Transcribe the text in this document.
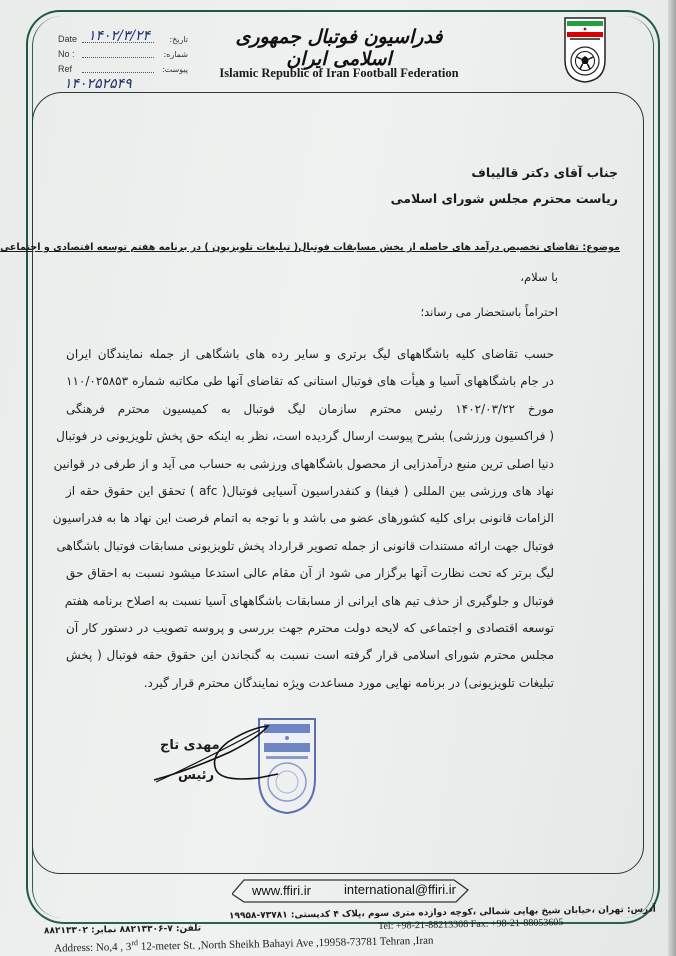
Date	تاریخ:
No :	شماره:
Ref	پیوست:
۱۴۰۲/۳/۲۴
۱۴۰۲۵۲۵۴۹
فدراسیون فوتبال جمهوری اسلامی ایران
Islamic Republic of Iran Football Federation
جناب آقای دکتر قالیباف
ریاست محترم مجلس شورای اسلامی
موضوع: تقاضای تخصیص درآمد های حاصله از پخش مسابقات فوتبال( تبلیغات تلویزیون ) در برنامه هفتم توسعه اقتصادی و اجتماعی
با سلام،
احتراماً باستحضار می رساند؛
حسب تقاضای کلیه باشگاههای لیگ برتری و سایر رده های باشگاهی از جمله نمایندگان ایران
در جام باشگاههای آسیا و هیأت های فوتبال استانی که تقاضای آنها طی مکاتبه شماره ۱۱۰/۰۲۵۸۵۳
مورخ ۱۴۰۲/۰۳/۲۲ رئیس محترم سازمان لیگ فوتبال به کمیسیون محترم فرهنگی
( فراکسیون ورزشی) بشرح پیوست ارسال گردیده است، نظر به اینکه حق پخش تلویزیونی در فوتبال
دنیا اصلی ترین منبع درآمدزایی از محصول باشگاههای ورزشی به حساب می آید و از طرفی در قوانین
نهاد های ورزشی بین المللی ( فیفا) و کنفدراسیون آسیایی فوتبال( afc ) تحقق این حقوق حقه از
الزامات قانونی برای کلیه کشورهای عضو می باشد و با توجه به اتمام فرصت این نهاد ها به فدراسیون
فوتبال جهت ارائه مستندات قانونی از جمله تصویر قرارداد پخش تلویزیونی مسابقات فوتبال باشگاهی
لیگ برتر که تحت نظارت آنها برگزار می شود از آن مقام عالی استدعا میشود نسبت به احقاق حق
فوتبال و جلوگیری از حذف تیم های ایرانی از مسابقات باشگاههای آسیا نسبت به اصلاح برنامه هفتم
توسعه اقتصادی و اجتماعی که لایحه دولت محترم جهت بررسی و پروسه تصویب در دستور کار آن
مجلس محترم شورای اسلامی قرار گرفته است نسبت به گنجاندن این حقوق حقه فوتبال ( پخش
تبلیغات تلویزیونی) در برنامه نهایی مورد مساعدت ویژه نمایندگان محترم قرار گیرد.
مهدی تاج
رئیس
www.ffiri.ir	international@ffiri.ir
آدرس: تهران ،خیابان شیخ بهایی شمالی ،کوچه دوازده متری سوم ،پلاک ۴ کدپستی: ۷۳۷۸۱-۱۹۹۵۸
تلفن: ۷-۸۸۲۱۳۳۰۶ نمابر: ۸۸۲۱۳۳۰۲	Tel: +98-21-88213308 Fax: +98-21-88053605
Address: No,4 , 3rd 12-meter St. ,North Sheikh Bahayi Ave ,19958-73781 Tehran ,Iran
